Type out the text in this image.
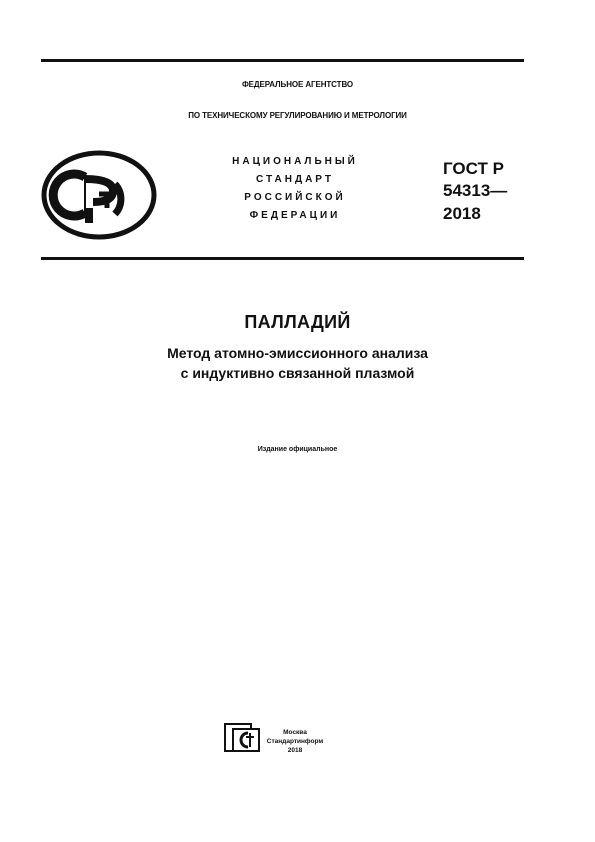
ФЕДЕРАЛЬНОЕ АГЕНТСТВО
ПО ТЕХНИЧЕСКОМУ РЕГУЛИРОВАНИЮ И МЕТРОЛОГИИ
НАЦИОНАЛЬНЫЙ
СТАНДАРТ
РОССИЙСКОЙ
ФЕДЕРАЦИИ
ГОСТ Р
54313—
2018
ПАЛЛАДИЙ
Метод атомно-эмиссионного анализа
с индуктивно связанной плазмой
Издание официальное
Москва
Стандартинформ
2018
